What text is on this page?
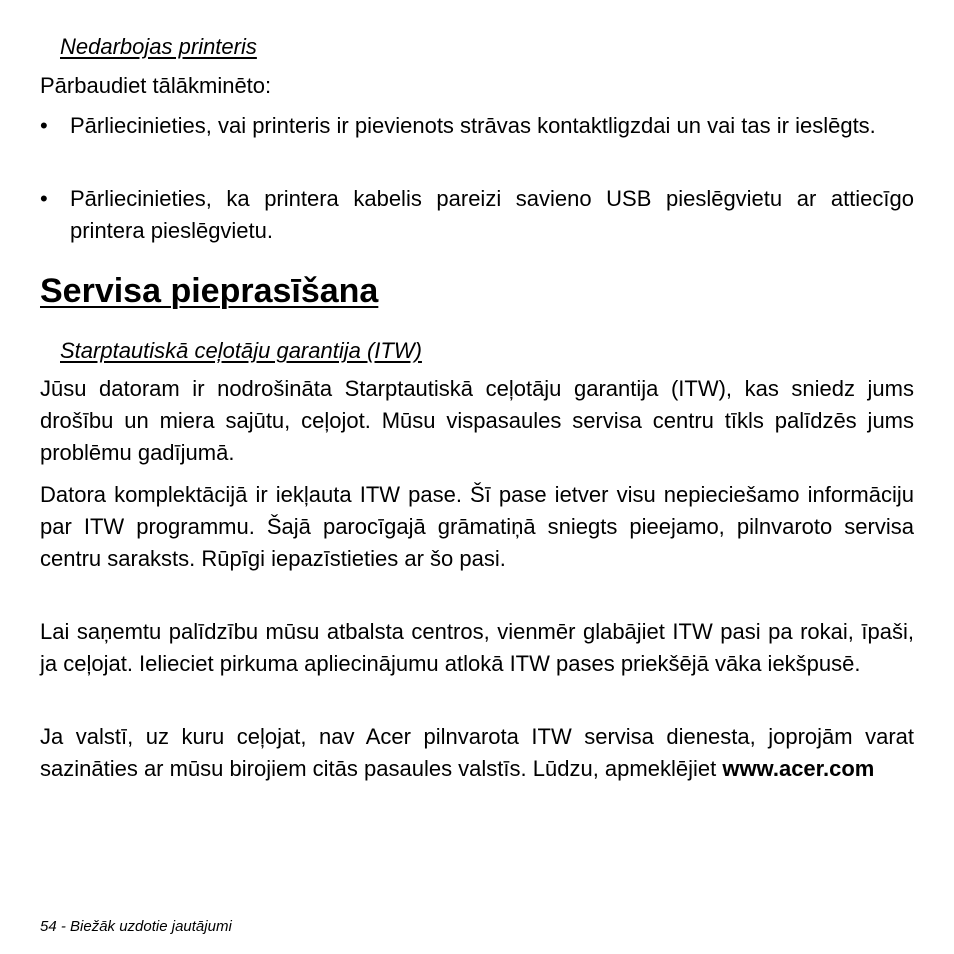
Nedarbojas printeris

Pārbaudiet tālākminēto:

•	Pārliecinieties, vai printeris ir pievienots strāvas kontaktligzdai un vai tas ir ieslēgts.
•	Pārliecinieties, ka printera kabelis pareizi savieno USB pieslēgvietu ar attiecīgo printera pieslēgvietu.
Servisa pieprasīšana
Starptautiskā ceļotāju garantija (ITW)

Jūsu datoram ir nodrošināta Starptautiskā ceļotāju garantija (ITW), kas sniedz jums drošību un miera sajūtu, ceļojot. Mūsu vispasaules servisa centru tīkls palīdzēs jums problēmu gadījumā.

Datora komplektācijā ir iekļauta ITW pase. Šī pase ietver visu nepieciešamo informāciju par ITW programmu. Šajā parocīgajā grāmatiņā sniegts pieejamo, pilnvaroto servisa centru saraksts. Rūpīgi iepazīstieties ar šo pasi.

Lai saņemtu palīdzību mūsu atbalsta centros, vienmēr glabājiet ITW pasi pa rokai, īpaši, ja ceļojat. Ielieciet pirkuma apliecinājumu atlokā ITW pases priekšējā vāka iekšpusē.

Ja valstī, uz kuru ceļojat, nav Acer pilnvarota ITW servisa dienesta, joprojām varat sazināties ar mūsu birojiem citās pasaules valstīs. Lūdzu, apmeklējiet www.acer.com

54 - Biežāk uzdotie jautājumi
